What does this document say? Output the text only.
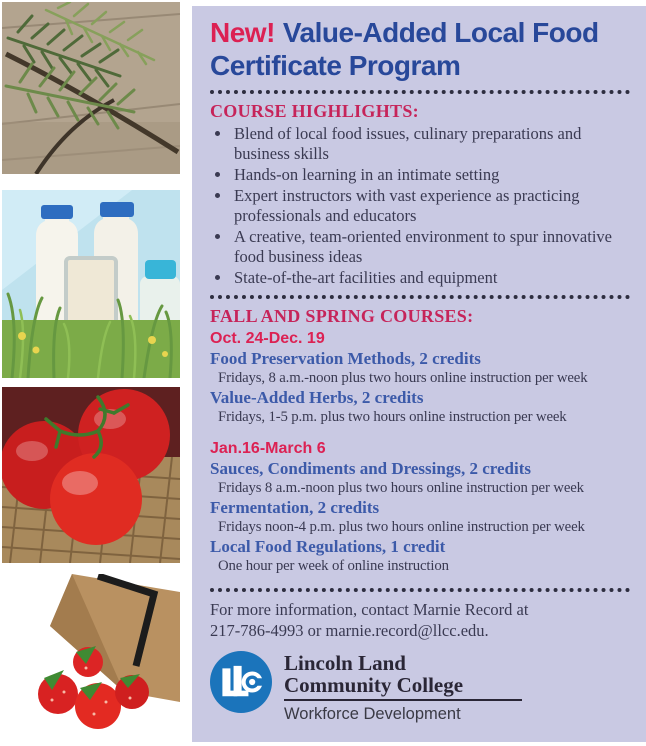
New! Value-Added Local Food
Certificate Program
COURSE HIGHLIGHTS:
• Blend of local food issues, culinary preparations and business skills
• Hands-on learning in an intimate setting
• Expert instructors with vast experience as practicing professionals and educators
• A creative, team-oriented environment to spur innovative food business ideas
• State-of-the-art facilities and equipment
FALL AND SPRING COURSES:
Oct. 24-Dec. 19
Food Preservation Methods, 2 credits
Fridays, 8 a.m.-noon plus two hours online instruction per week
Value-Added Herbs, 2 credits
Fridays, 1-5 p.m. plus two hours online instruction per week
Jan.16-March 6
Sauces, Condiments and Dressings, 2 credits
Fridays 8 a.m.-noon plus two hours online instruction per week
Fermentation, 2 credits
Fridays noon-4 p.m. plus two hours online instruction per week
Local Food Regulations, 1 credit
One hour per week of online instruction
For more information, contact Marnie Record at
217-786-4993 or marnie.record@llcc.edu.
Lincoln Land
Community College
Workforce Development
